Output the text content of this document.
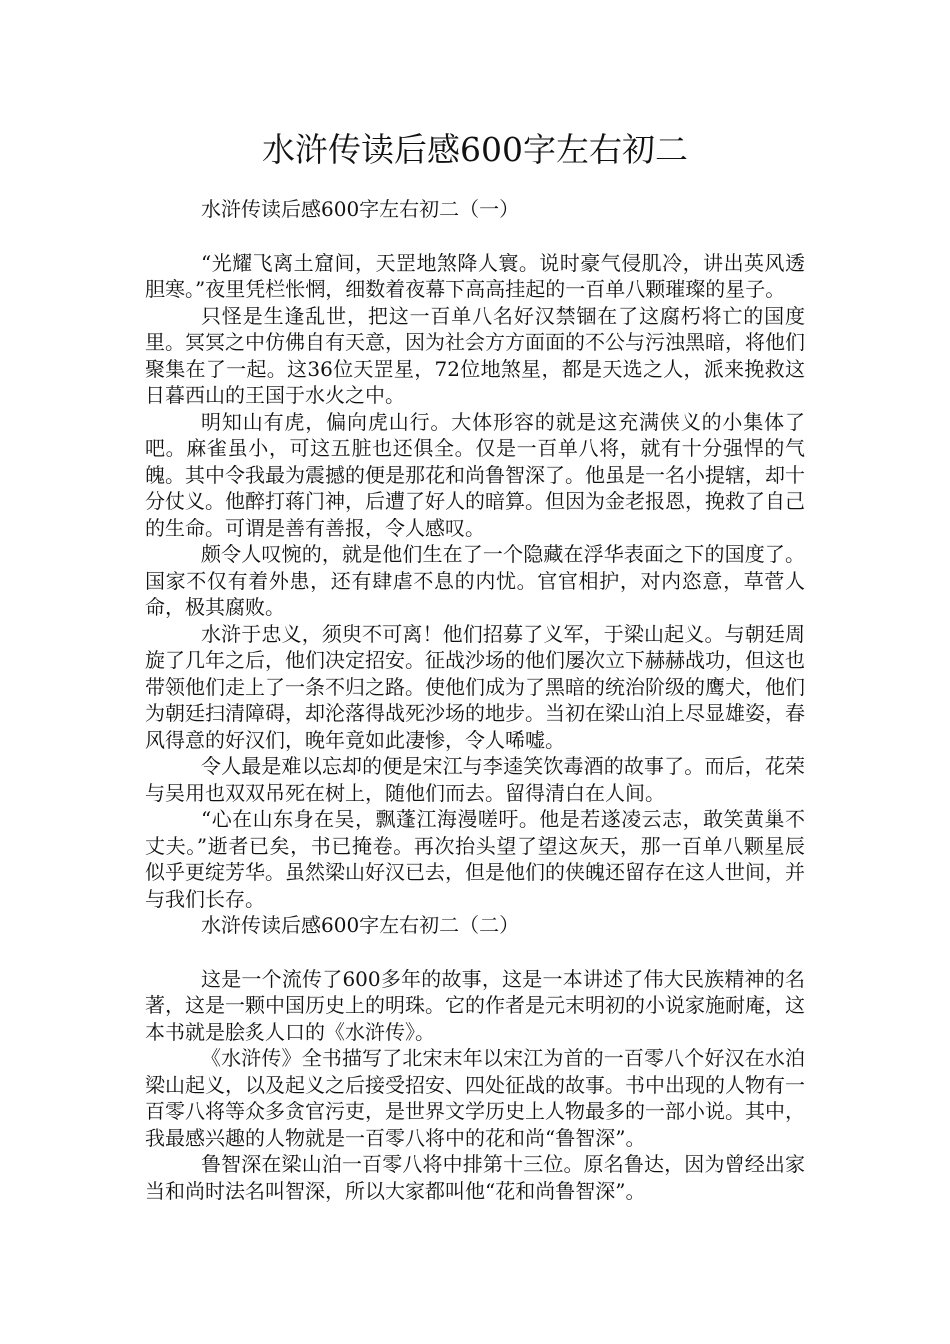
水浒传读后感600字左右初二

水浒传读后感600字左右初二（一）

“光耀飞离土窟间，天罡地煞降人寰。说时豪气侵肌冷，讲出英风透胆寒。”夜里凭栏怅惘，细数着夜幕下高高挂起的一百单八颗璀璨的星子。

只怪是生逢乱世，把这一百单八名好汉禁锢在了这腐朽将亡的国度里。冥冥之中仿佛自有天意，因为社会方方面面的不公与污浊黑暗，将他们聚集在了一起。这36位天罡星，72位地煞星，都是天选之人，派来挽救这日暮西山的王国于水火之中。

明知山有虎，偏向虎山行。大体形容的就是这充满侠义的小集体了吧。麻雀虽小，可这五脏也还俱全。仅是一百单八将，就有十分强悍的气魄。其中令我最为震撼的便是那花和尚鲁智深了。他虽是一名小提辖，却十分仗义。他醉打蒋门神，后遭了好人的暗算。但因为金老报恩，挽救了自己的生命。可谓是善有善报，令人感叹。

颇令人叹惋的，就是他们生在了一个隐藏在浮华表面之下的国度了。国家不仅有着外患，还有肆虐不息的内忧。官官相护，对内恣意，草菅人命，极其腐败。

水浒于忠义，须臾不可离！他们招募了义军，于梁山起义。与朝廷周旋了几年之后，他们决定招安。征战沙场的他们屡次立下赫赫战功，但这也带领他们走上了一条不归之路。使他们成为了黑暗的统治阶级的鹰犬，他们为朝廷扫清障碍，却沦落得战死沙场的地步。当初在梁山泊上尽显雄姿，春风得意的好汉们，晚年竟如此凄惨，令人唏嘘。

令人最是难以忘却的便是宋江与李逵笑饮毒酒的故事了。而后，花荣与吴用也双双吊死在树上，随他们而去。留得清白在人间。

“心在山东身在吴，飘蓬江海漫嗟吁。他是若遂凌云志，敢笑黄巢不丈夫。”逝者已矣，书已掩卷。再次抬头望了望这灰天，那一百单八颗星辰似乎更绽芳华。虽然梁山好汉已去，但是他们的侠魄还留存在这人世间，并与我们长存。

水浒传读后感600字左右初二（二）

这是一个流传了600多年的故事，这是一本讲述了伟大民族精神的名著，这是一颗中国历史上的明珠。它的作者是元末明初的小说家施耐庵，这本书就是脍炙人口的《水浒传》。

《水浒传》全书描写了北宋末年以宋江为首的一百零八个好汉在水泊梁山起义，以及起义之后接受招安、四处征战的故事。书中出现的人物有一百零八将等众多贪官污吏，是世界文学历史上人物最多的一部小说。其中，我最感兴趣的人物就是一百零八将中的花和尚“鲁智深”。

鲁智深在梁山泊一百零八将中排第十三位。原名鲁达，因为曾经出家当和尚时法名叫智深，所以大家都叫他“花和尚鲁智深”。
